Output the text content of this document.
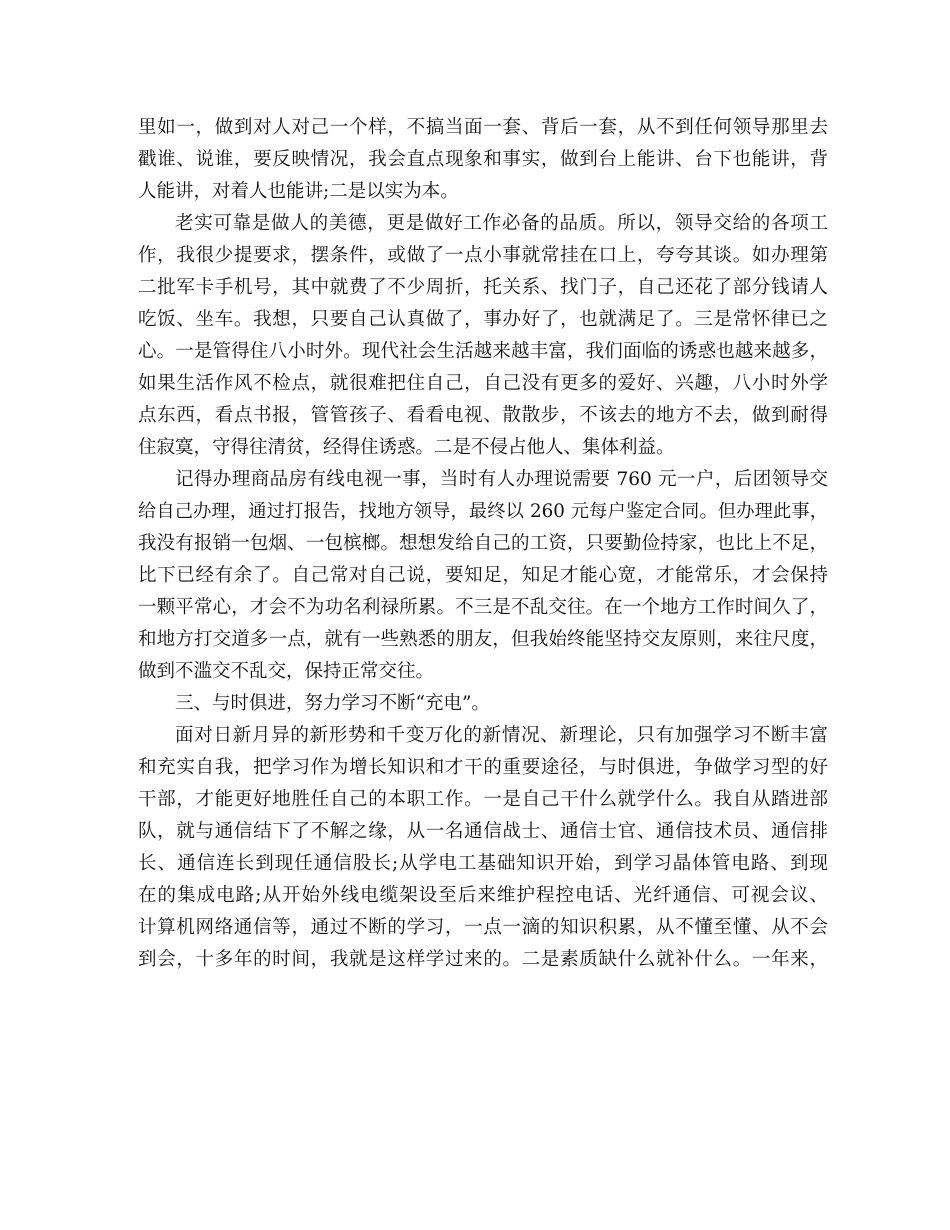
里如一，做到对人对己一个样，不搞当面一套、背后一套，从不到任何领导那里去
戳谁、说谁，要反映情况，我会直点现象和事实，做到台上能讲、台下也能讲，背
人能讲，对着人也能讲;二是以实为本。
老实可靠是做人的美德，更是做好工作必备的品质。所以，领导交给的各项工
作，我很少提要求，摆条件，或做了一点小事就常挂在口上，夸夸其谈。如办理第
二批军卡手机号，其中就费了不少周折，托关系、找门子，自己还花了部分钱请人
吃饭、坐车。我想，只要自己认真做了，事办好了，也就满足了。三是常怀律已之
心。一是管得住八小时外。现代社会生活越来越丰富，我们面临的诱惑也越来越多，
如果生活作风不检点，就很难把住自己，自己没有更多的爱好、兴趣，八小时外学
点东西，看点书报，管管孩子、看看电视、散散步，不该去的地方不去，做到耐得
住寂寞，守得往清贫，经得住诱惑。二是不侵占他人、集体利益。
记得办理商品房有线电视一事，当时有人办理说需要 760 元一户，后团领导交
给自己办理，通过打报告，找地方领导，最终以 260 元每户鉴定合同。但办理此事，
我没有报销一包烟、一包槟榔。想想发给自己的工资，只要勤俭持家，也比上不足，
比下已经有余了。自己常对自己说，要知足，知足才能心宽，才能常乐，才会保持
一颗平常心，才会不为功名利禄所累。不三是不乱交往。在一个地方工作时间久了，
和地方打交道多一点，就有一些熟悉的朋友，但我始终能坚持交友原则，来往尺度，
做到不滥交不乱交，保持正常交往。
三、与时俱进，努力学习不断“充电”。
面对日新月异的新形势和千变万化的新情况、新理论，只有加强学习不断丰富
和充实自我，把学习作为增长知识和才干的重要途径，与时俱进，争做学习型的好
干部，才能更好地胜任自己的本职工作。一是自己干什么就学什么。我自从踏进部
队，就与通信结下了不解之缘，从一名通信战士、通信士官、通信技术员、通信排
长、通信连长到现任通信股长;从学电工基础知识开始，到学习晶体管电路、到现
在的集成电路;从开始外线电缆架设至后来维护程控电话、光纤通信、可视会议、
计算机网络通信等，通过不断的学习，一点一滴的知识积累，从不懂至懂、从不会
到会，十多年的时间，我就是这样学过来的。二是素质缺什么就补什么。一年来，
